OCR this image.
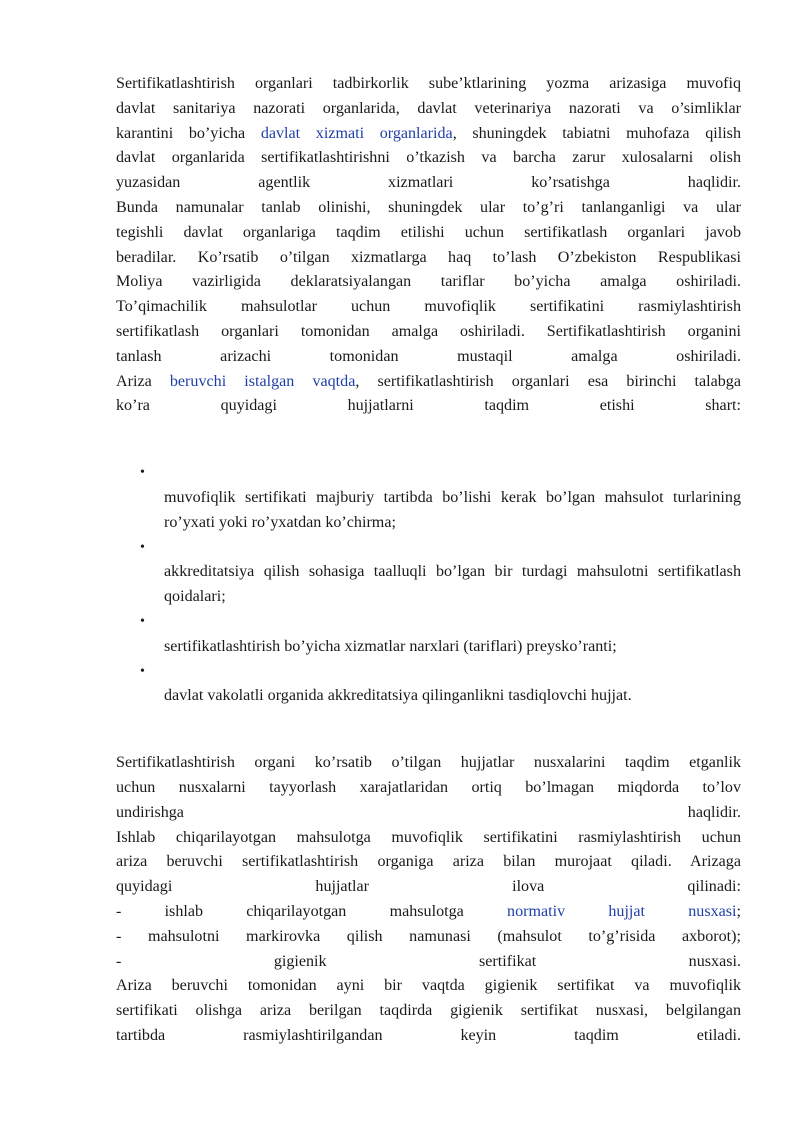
Sertifikatlashtirish organlari tadbirkorlik sube’ktlarining yozma arizasiga muvofiq
davlat sanitariya nazorati organlarida, davlat veterinariya nazorati va o’simliklar
karantini bo’yicha davlat xizmati organlarida, shuningdek tabiatni muhofaza qilish
davlat organlarida sertifikatlashtirishni o’tkazish va barcha zarur xulosalarni olish
yuzasidan agentlik xizmatlari ko’rsatishga haqlidir.
Bunda namunalar tanlab olinishi, shuningdek ular to’g’ri tanlanganligi va ular
tegishli davlat organlariga taqdim etilishi uchun sertifikatlash organlari javob
beradilar. Ko’rsatib o’tilgan xizmatlarga haq to’lash O’zbekiston Respublikasi
Moliya vazirligida deklaratsiyalangan tariflar bo’yicha amalga oshiriladi.
To’qimachilik mahsulotlar uchun muvofiqlik sertifikatini rasmiylashtirish
sertifikatlash organlari tomonidan amalga oshiriladi. Sertifikatlashtirish organini
tanlash arizachi tomonidan mustaqil amalga oshiriladi.
Ariza beruvchi istalgan vaqtda, sertifikatlashtirish organlari esa birinchi talabga
ko’ra quyidagi hujjatlarni taqdim etishi shart:
•
muvofiqlik sertifikati majburiy tartibda bo’lishi kerak bo’lgan mahsulot turlarining ro’yxati yoki ro’yxatdan ko’chirma;
•
akkreditatsiya qilish sohasiga taalluqli bo’lgan bir turdagi mahsulotni sertifikatlash qoidalari;
•
sertifikatlashtirish bo’yicha xizmatlar narxlari (tariflari) preysko’ranti;
•
davlat vakolatli organida akkreditatsiya qilinganlikni tasdiqlovchi hujjat.
Sertifikatlashtirish organi ko’rsatib o’tilgan hujjatlar nusxalarini taqdim etganlik
uchun nusxalarni tayyorlash xarajatlaridan ortiq bo’lmagan miqdorda to’lov
undirishga haqlidir.
Ishlab chiqarilayotgan mahsulotga muvofiqlik sertifikatini rasmiylashtirish uchun
ariza beruvchi sertifikatlashtirish organiga ariza bilan murojaat qiladi. Arizaga
quyidagi hujjatlar ilova qilinadi:
- ishlab chiqarilayotgan mahsulotga normativ hujjat nusxasi;
- mahsulotni markirovka qilish namunasi (mahsulot to’g’risida axborot);
- gigienik sertifikat nusxasi.
Ariza beruvchi tomonidan ayni bir vaqtda gigienik sertifikat va muvofiqlik
sertifikati olishga ariza berilgan taqdirda gigienik sertifikat nusxasi, belgilangan
tartibda rasmiylashtirilgandan keyin taqdim etiladi.
